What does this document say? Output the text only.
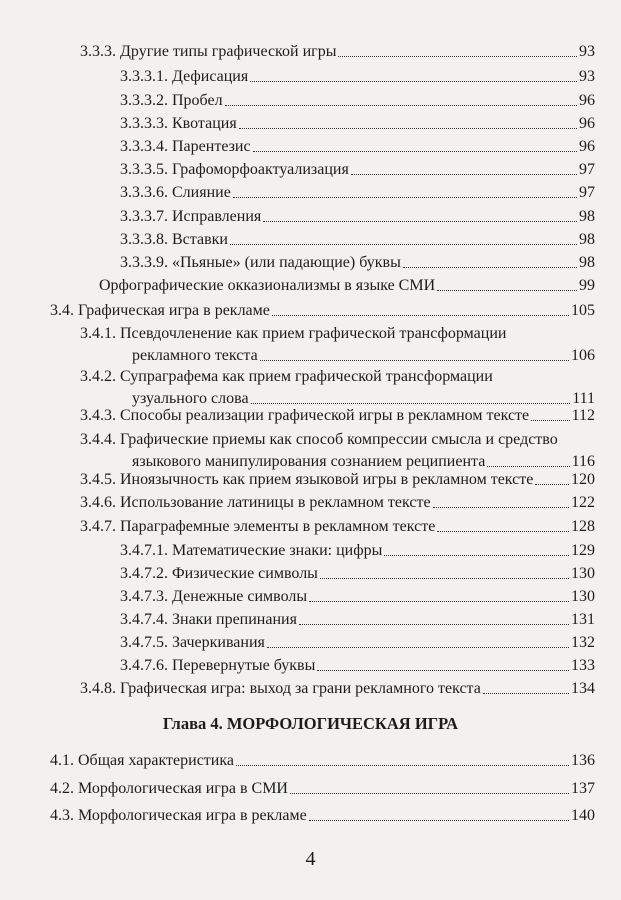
3.3.3. Другие типы графической игры	93
3.3.3.1. Дефисация	93
3.3.3.2. Пробел	96
3.3.3.3. Квотация	96
3.3.3.4. Парентезис	96
3.3.3.5. Графоморфоактуализация	97
3.3.3.6. Слияние	97
3.3.3.7. Исправления	98
3.3.3.8. Вставки	98
3.3.3.9. «Пьяные» (или падающие) буквы	98
Орфографические окказионализмы в языке СМИ	99
3.4. Графическая игра в рекламе	105
3.4.1. Псевдочленение как прием графической трансформации
рекламного текста	106
3.4.2. Супраграфема как прием графической трансформации
узуального слова	111
3.4.3. Способы реализации графической игры в рекламном тексте	112
3.4.4. Графические приемы как способ компрессии смысла и средство
языкового манипулирования сознанием реципиента	116
3.4.5. Иноязычность как прием языковой игры в рекламном тексте 120
3.4.6. Использование латиницы в рекламном тексте	122
3.4.7. Параграфемные элементы в рекламном тексте	128
3.4.7.1. Математические знаки: цифры	129
3.4.7.2. Физические символы	130
3.4.7.3. Денежные символы	130
3.4.7.4. Знаки препинания	131
3.4.7.5. Зачеркивания	132
3.4.7.6. Перевернутые буквы	133
3.4.8. Графическая игра: выход за грани рекламного текста	134
Глава 4. МОРФОЛОГИЧЕСКАЯ ИГРА
4.1. Общая характеристика	136
4.2. Морфологическая игра в СМИ	137
4.3. Морфологическая игра в рекламе	140
4
